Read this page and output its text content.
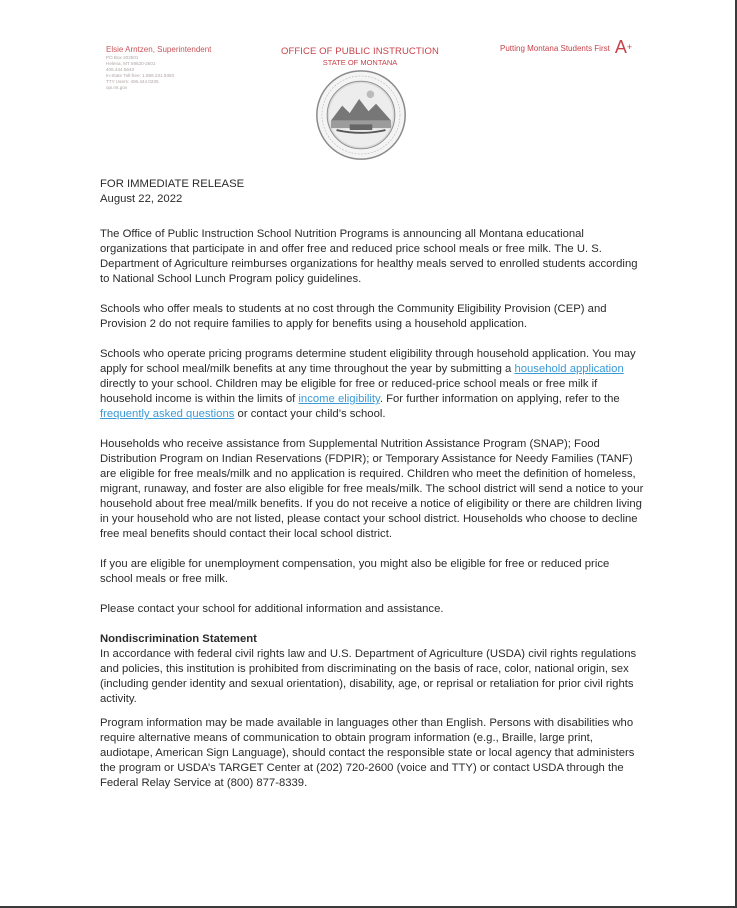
Elsie Arntzen, Superintendent
PO Box 202501
Helena, MT 59620-2501
406.444.5643
In-State Toll-free: 1.888.231.9393
TTY Users: 406.444.0235
opi.mt.gov
OFFICE OF PUBLIC INSTRUCTION
STATE OF MONTANA
Putting Montana Students First A+
FOR IMMEDIATE RELEASE
August 22, 2022

The Office of Public Instruction School Nutrition Programs is announcing all Montana educational organizations that participate in and offer free and reduced price school meals or free milk. The U. S. Department of Agriculture reimburses organizations for healthy meals served to enrolled students according to National School Lunch Program policy guidelines.

Schools who offer meals to students at no cost through the Community Eligibility Provision (CEP) and Provision 2 do not require families to apply for benefits using a household application.

Schools who operate pricing programs determine student eligibility through household application. You may apply for school meal/milk benefits at any time throughout the year by submitting a household application directly to your school. Children may be eligible for free or reduced-price school meals or free milk if household income is within the limits of income eligibility. For further information on applying, refer to the frequently asked questions or contact your child’s school.

Households who receive assistance from Supplemental Nutrition Assistance Program (SNAP); Food Distribution Program on Indian Reservations (FDPIR); or Temporary Assistance for Needy Families (TANF) are eligible for free meals/milk and no application is required. Children who meet the definition of homeless, migrant, runaway, and foster are also eligible for free meals/milk. The school district will send a notice to your household about free meal/milk benefits. If you do not receive a notice of eligibility or there are children living in your household who are not listed, please contact your school district. Households who choose to decline free meal benefits should contact their local school district.

If you are eligible for unemployment compensation, you might also be eligible for free or reduced price school meals or free milk.

Please contact your school for additional information and assistance.

Nondiscrimination Statement
In accordance with federal civil rights law and U.S. Department of Agriculture (USDA) civil rights regulations and policies, this institution is prohibited from discriminating on the basis of race, color, national origin, sex (including gender identity and sexual orientation), disability, age, or reprisal or retaliation for prior civil rights activity.

Program information may be made available in languages other than English. Persons with disabilities who require alternative means of communication to obtain program information (e.g., Braille, large print, audiotape, American Sign Language), should contact the responsible state or local agency that administers the program or USDA’s TARGET Center at (202) 720-2600 (voice and TTY) or contact USDA through the Federal Relay Service at (800) 877-8339.
